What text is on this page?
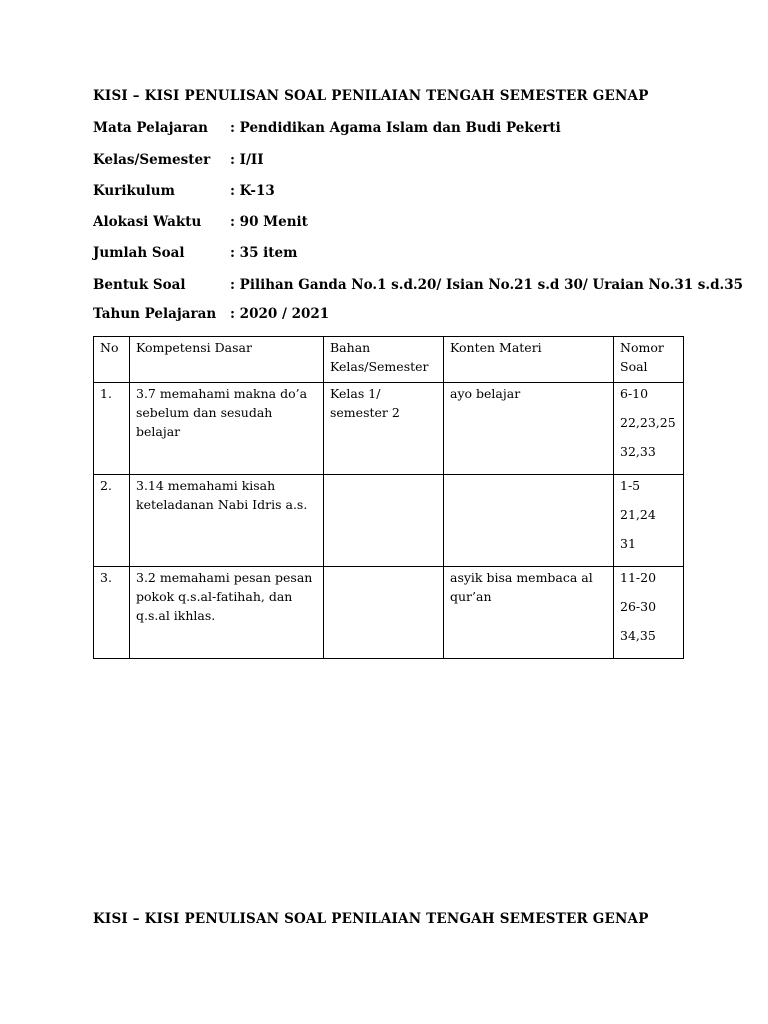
KISI – KISI PENULISAN SOAL PENILAIAN TENGAH SEMESTER GENAP
Mata Pelajaran : Pendidikan Agama Islam dan Budi Pekerti
Kelas/Semester : I/II
Kurikulum	: K-13
Alokasi Waktu : 90 Menit
Jumlah Soal	: 35 item
Bentuk Soal	: Pilihan Ganda No.1 s.d.20/ Isian No.21 s.d 30/ Uraian No.31 s.d.35
Tahun Pelajaran : 2020 / 2021
No	Kompetensi Dasar	Bahan Kelas/Semester	Konten Materi	Nomor Soal
1.	3.7 memahami makna do’a sebelum dan sesudah belajar	Kelas 1/ semester 2	ayo belajar	6-10
22,23,25
32,33

2.	3.14 memahami kisah keteladanan Nabi Idris a.s.			1-5
21,24
31

3.	3.2 memahami pesan pesan pokok q.s.al-fatihah, dan q.s.al ikhlas.		asyik bisa membaca al qur’an	11-20
26-30
34,35
KISI – KISI PENULISAN SOAL PENILAIAN TENGAH SEMESTER GENAP
